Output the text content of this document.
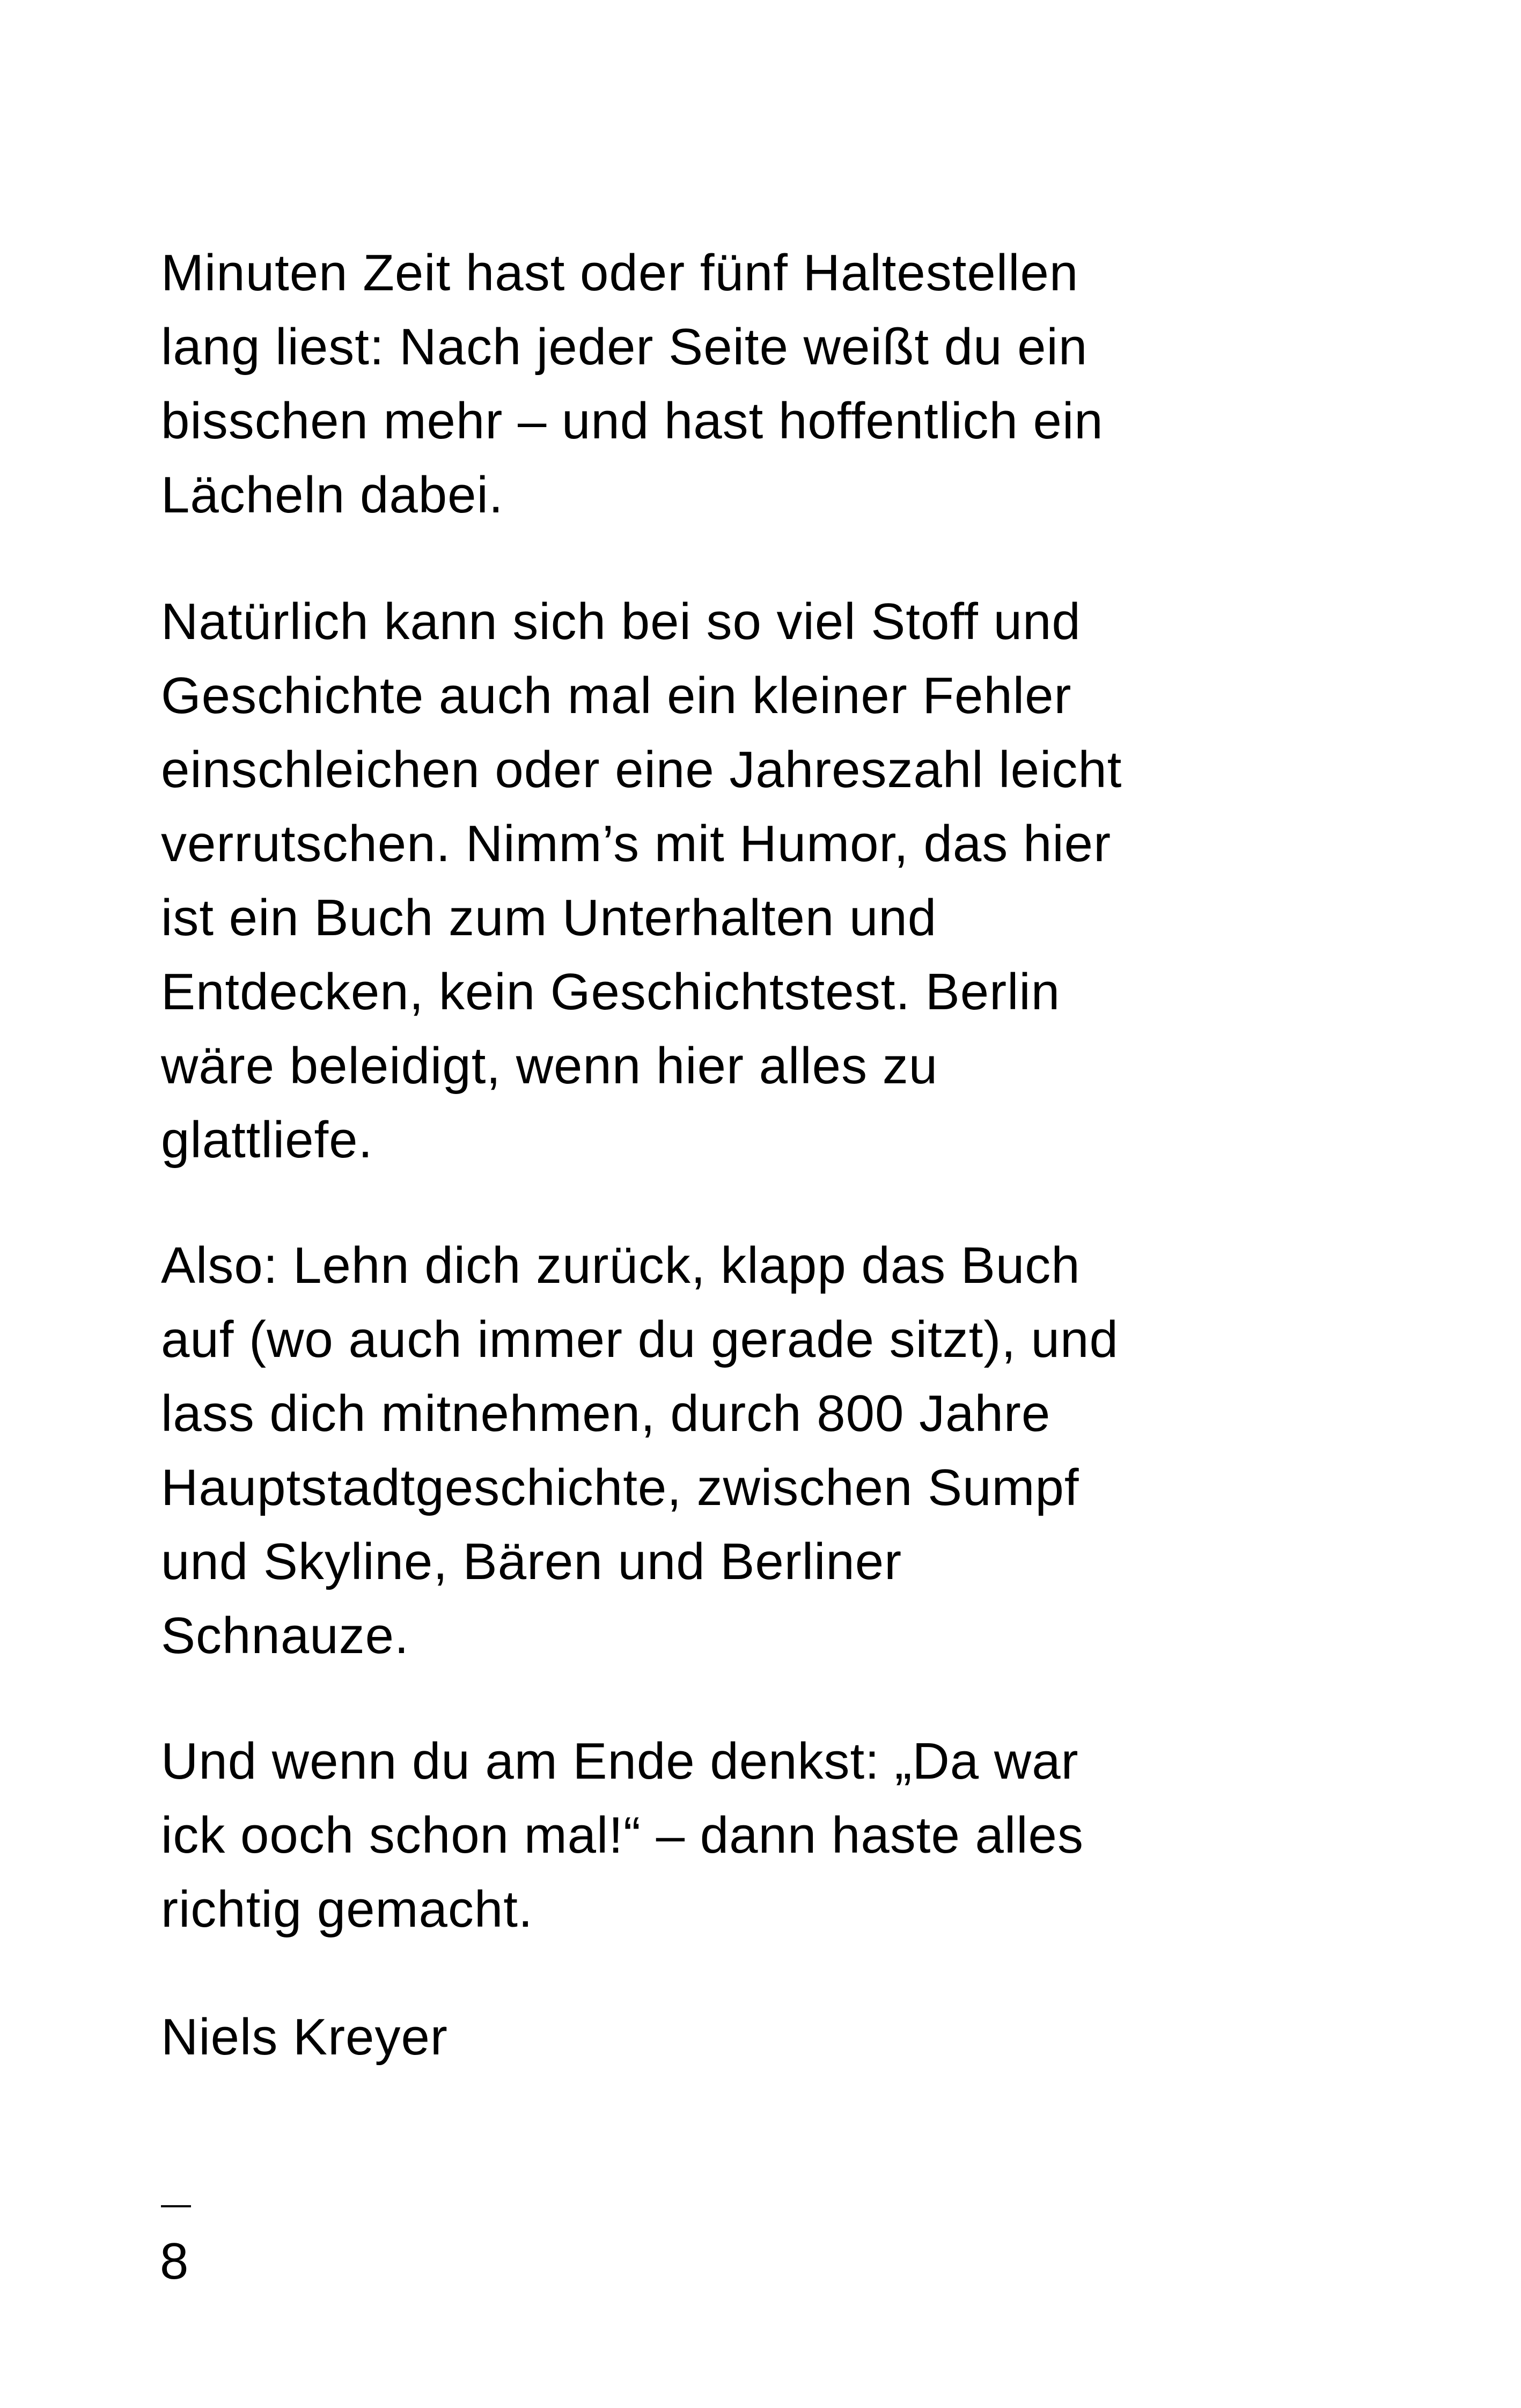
Minuten Zeit hast oder fünf Haltestellen
lang liest: Nach jeder Seite weißt du ein
bisschen mehr – und hast hoffentlich ein
Lächeln dabei.

Natürlich kann sich bei so viel Stoff und
Geschichte auch mal ein kleiner Fehler
einschleichen oder eine Jahreszahl leicht
verrutschen. Nimm’s mit Humor, das hier
ist ein Buch zum Unterhalten und
Entdecken, kein Geschichtstest. Berlin
wäre beleidigt, wenn hier alles zu
glattliefe.

Also: Lehn dich zurück, klapp das Buch
auf (wo auch immer du gerade sitzt), und
lass dich mitnehmen, durch 800 Jahre
Hauptstadtgeschichte, zwischen Sumpf
und Skyline, Bären und Berliner
Schnauze.

Und wenn du am Ende denkst: „Da war
ick ooch schon mal!“ – dann haste alles
richtig gemacht.

Niels Kreyer

8
